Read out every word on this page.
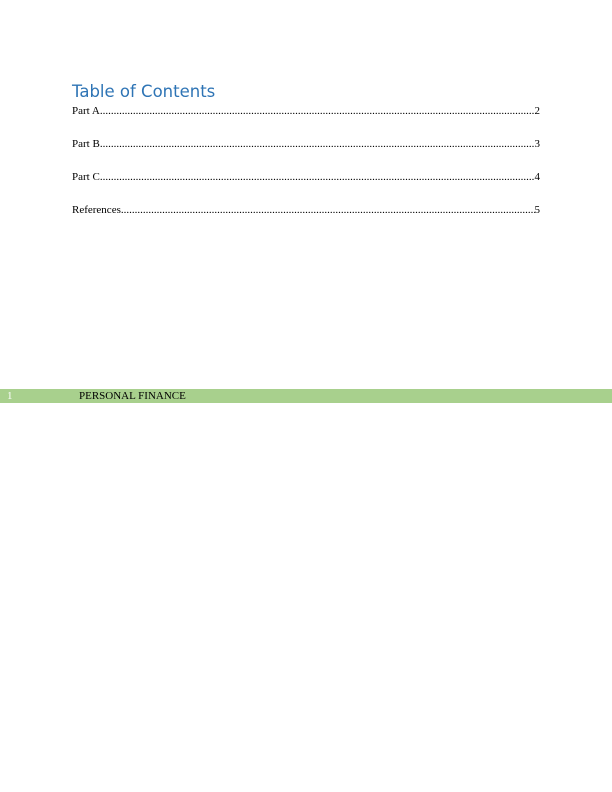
Table of Contents
Part A .....	2
Part B .....	3
Part C .....	4
References .....	5
1	PERSONAL FINANCE
